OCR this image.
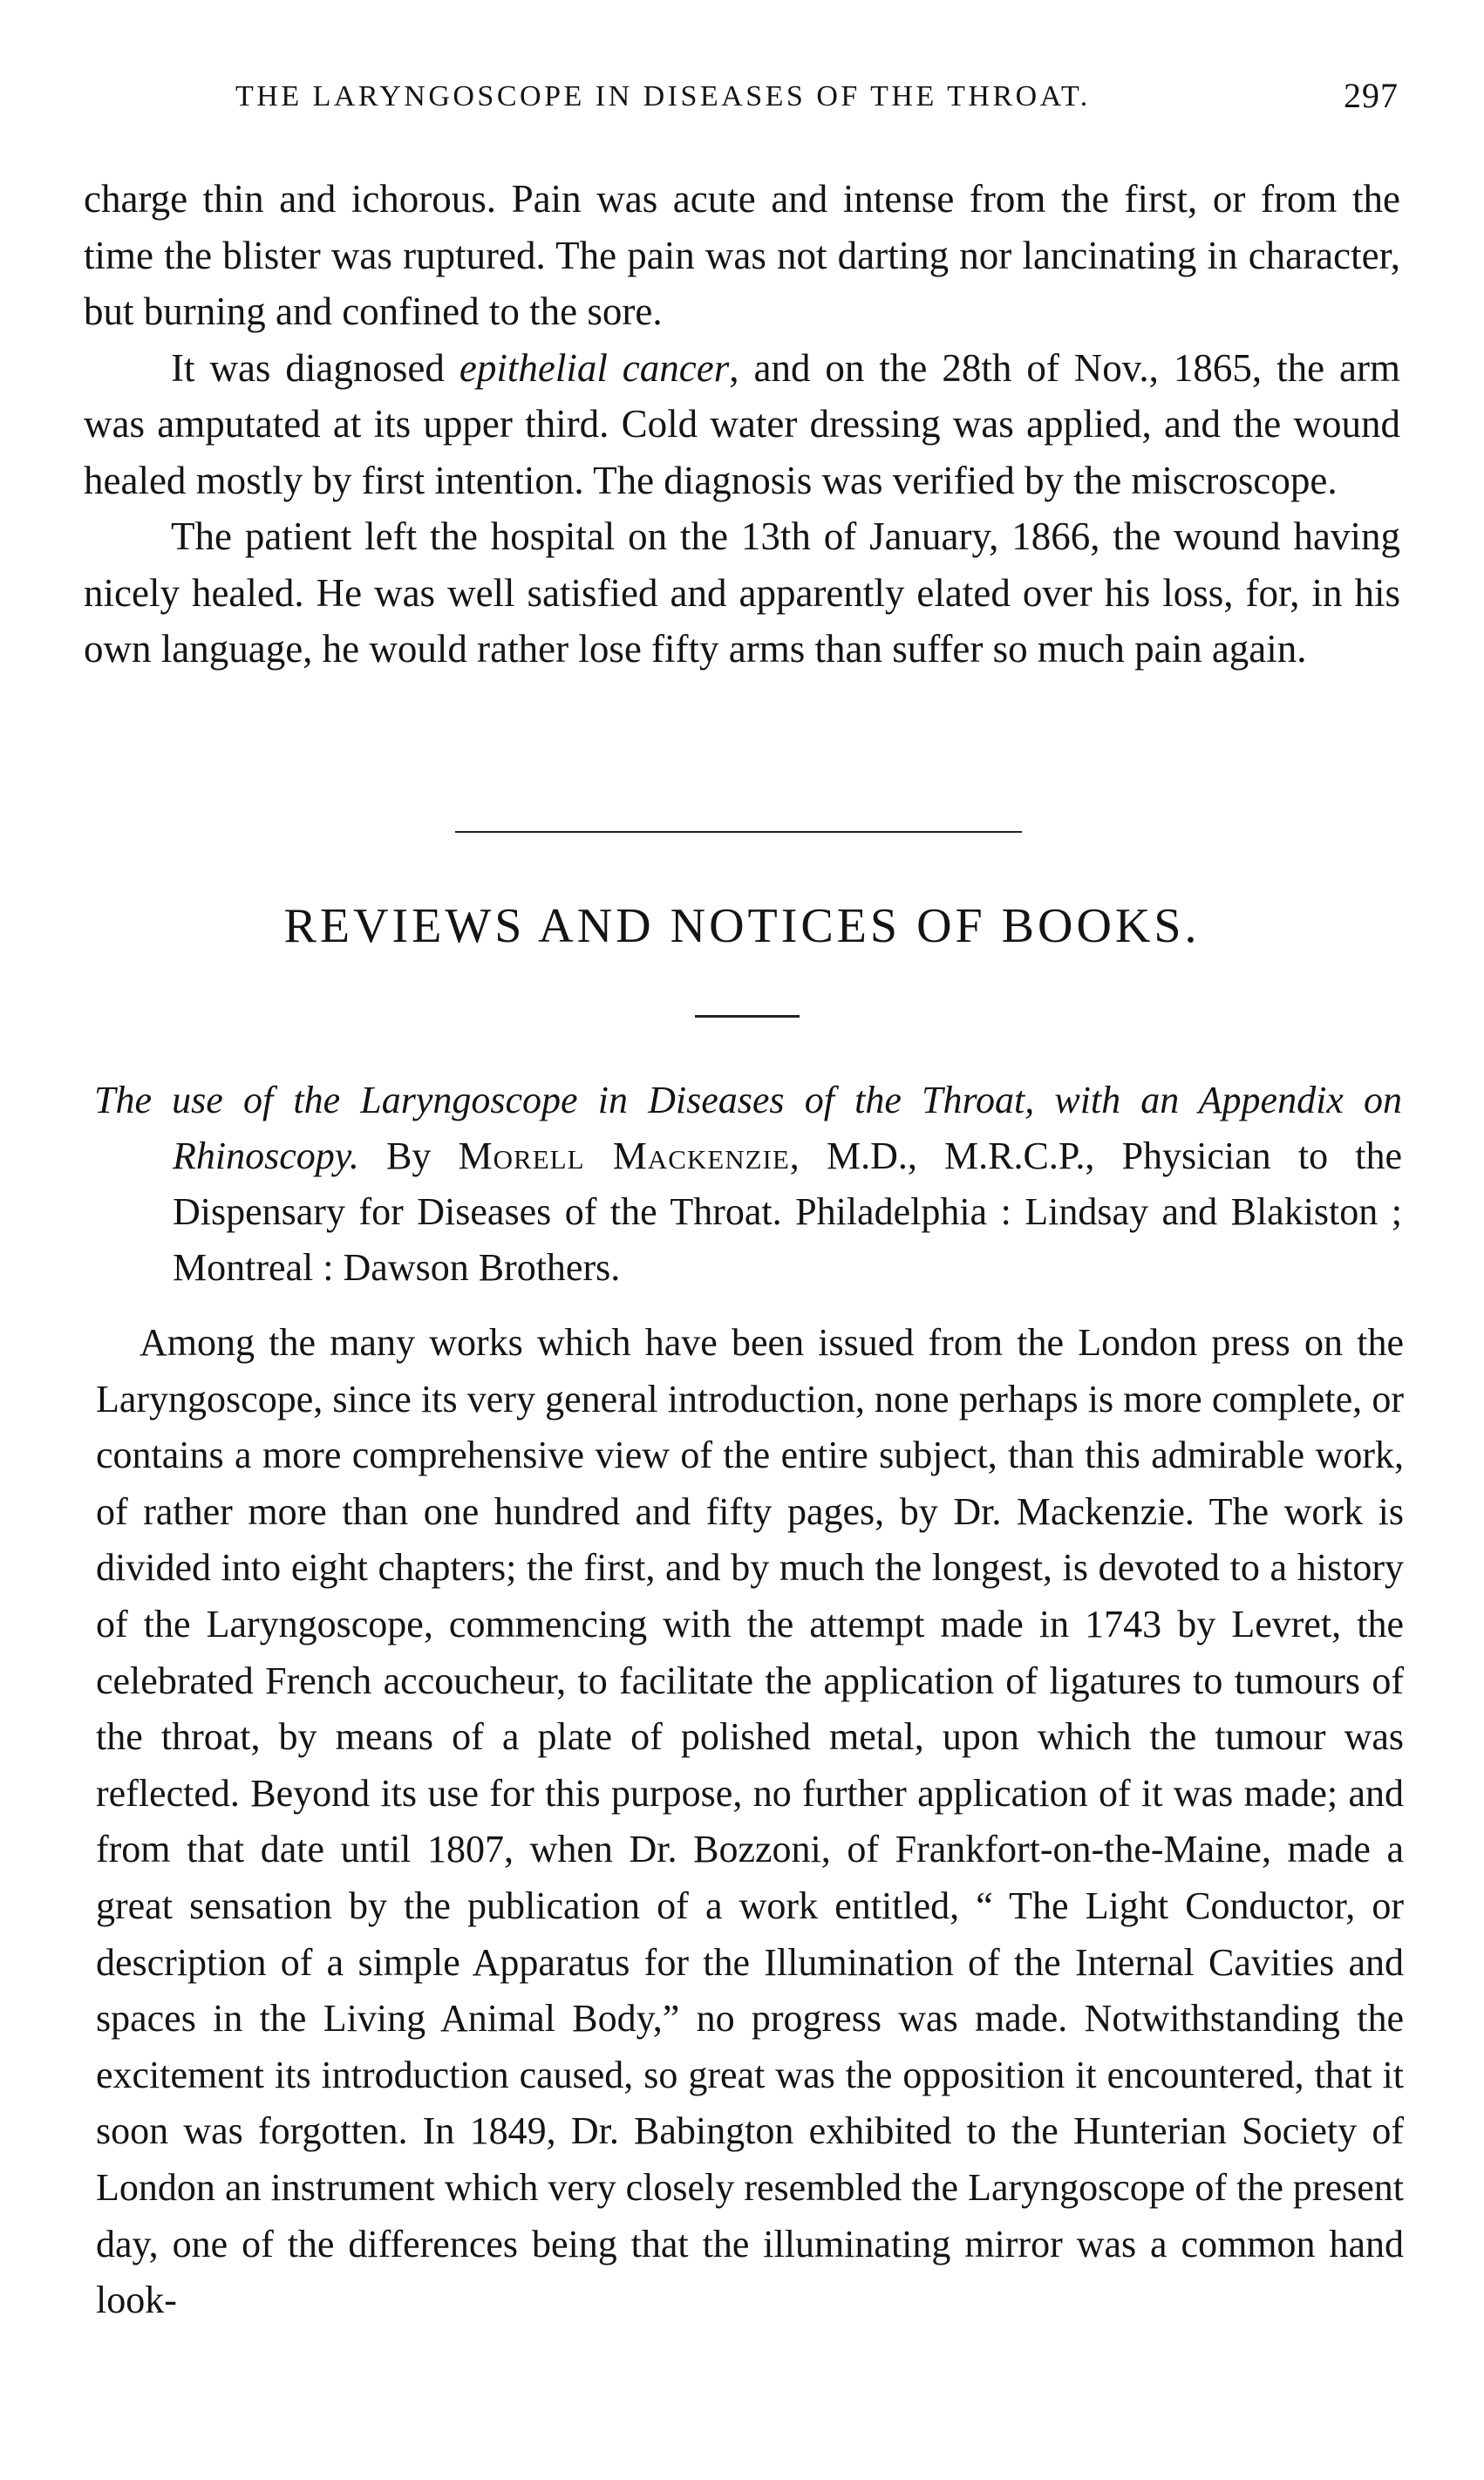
THE LARYNGOSCOPE IN DISEASES OF THE THROAT.	297

charge thin and ichorous. Pain was acute and intense from the first, or from the time the blister was ruptured. The pain was not darting nor lancinating in character, but burning and confined to the sore.

It was diagnosed epithelial cancer, and on the 28th of Nov., 1865, the arm was amputated at its upper third. Cold water dressing was applied, and the wound healed mostly by first intention. The diagnosis was verified by the miscroscope.

The patient left the hospital on the 13th of January, 1866, the wound having nicely healed. He was well satisfied and apparently elated over his loss, for, in his own language, he would rather lose fifty arms than suffer so much pain again.

REVIEWS AND NOTICES OF BOOKS.

The use of the Laryngoscope in Diseases of the Throat, with an Appendix on Rhinoscopy. By Morell Mackenzie, M.D., M.R.C.P., Physician to the Dispensary for Diseases of the Throat. Philadelphia : Lindsay and Blakiston ; Montreal : Dawson Brothers.

Among the many works which have been issued from the London press on the Laryngoscope, since its very general introduction, none perhaps is more complete, or contains a more comprehensive view of the entire subject, than this admirable work, of rather more than one hundred and fifty pages, by Dr. Mackenzie. The work is divided into eight chapters; the first, and by much the longest, is devoted to a history of the Laryngoscope, commencing with the attempt made in 1743 by Levret, the celebrated French accoucheur, to facilitate the application of ligatures to tumours of the throat, by means of a plate of polished metal, upon which the tumour was reflected. Beyond its use for this purpose, no further application of it was made; and from that date until 1807, when Dr. Bozzoni, of Frankfort-on-the-Maine, made a great sensation by the publication of a work entitled, “ The Light Conductor, or description of a simple Apparatus for the Illumination of the Internal Cavities and spaces in the Living Animal Body,” no progress was made. Notwithstanding the excitement its introduction caused, so great was the opposition it encountered, that it soon was forgotten. In 1849, Dr. Babington exhibited to the Hunterian Society of London an instrument which very closely resembled the Laryngoscope of the present day, one of the differences being that the illuminating mirror was a common hand look-
